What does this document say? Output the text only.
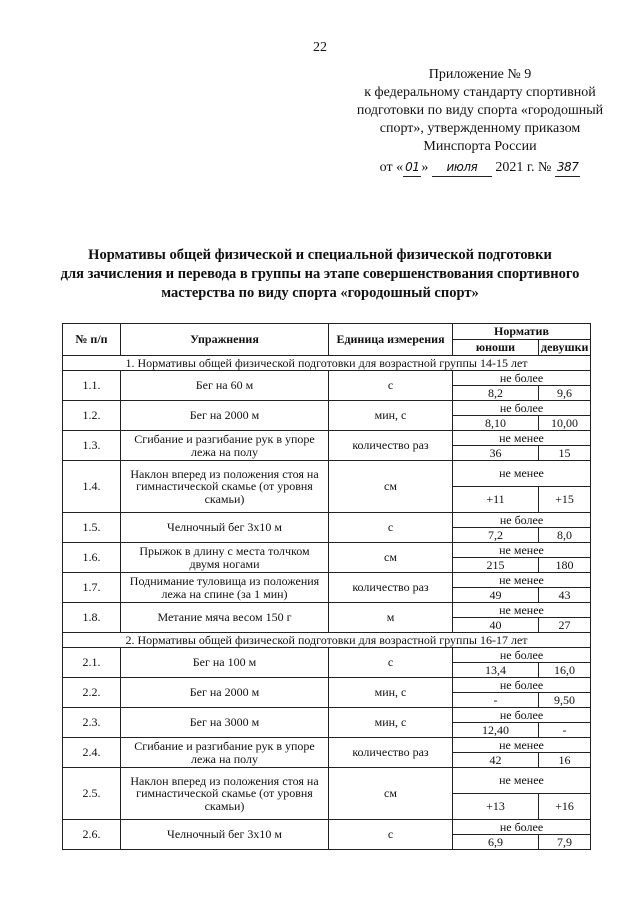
22
Приложение № 9
к федеральному стандарту спортивной
подготовки по виду спорта «городошный
спорт», утвержденному приказом
Минспорта России
от « 01 » июля 2021 г. № 387
Нормативы общей физической и специальной физической подготовки
для зачисления и перевода в группы на этапе совершенствования спортивного
мастерства по виду спорта «городошный спорт»
№ п/п	Упражнения	Единица измерения	Норматив	
			юноши	девушки
1. Нормативы общей физической подготовки для возрастной группы 14-15 лет				
1.1.	Бег на 60 м	с	не более	
			8,2	9,6
1.2.	Бег на 2000 м	мин, с	не более	
			8,10	10,00
1.3.	Сгибание и разгибание рук в упоре лежа на полу	количество раз	не менее	
			36	15
1.4.	Наклон вперед из положения стоя на гимнастической скамье (от уровня скамьи)	см	не менее	
			+11	+15
1.5.	Челночный бег 3х10 м	с	не более	
			7,2	8,0
1.6.	Прыжок в длину с места толчком двумя ногами	см	не менее	
			215	180
1.7.	Поднимание туловища из положения лежа на спине (за 1 мин)	количество раз	не менее	
			49	43
1.8.	Метание мяча весом 150 г	м	не менее	
			40	27
2. Нормативы общей физической подготовки для возрастной группы 16-17 лет				
2.1.	Бег на 100 м	с	не более	
			13,4	16,0
2.2.	Бег на 2000 м	мин, с	не более	
			-	9,50
2.3.	Бег на 3000 м	мин, с	не более	
			12,40	-
2.4.	Сгибание и разгибание рук в упоре лежа на полу	количество раз	не менее	
			42	16
2.5.	Наклон вперед из положения стоя на гимнастической скамье (от уровня скамьи)	см	не менее	
			+13	+16
2.6.	Челночный бег 3х10 м	с	не более	
			6,9	7,9
